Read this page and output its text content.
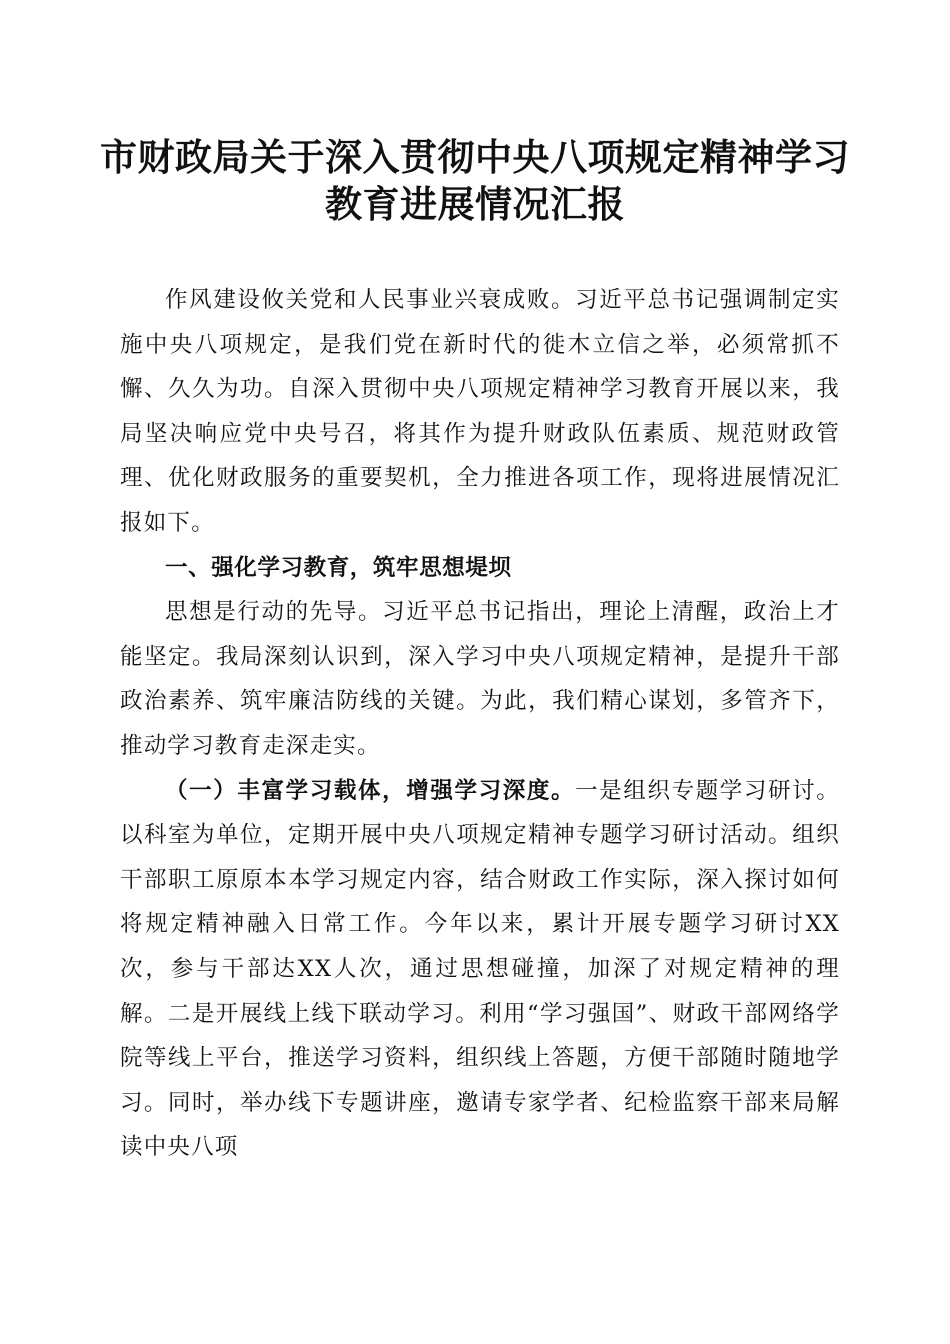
市财政局关于深入贯彻中央八项规定精神学习
教育进展情况汇报

作风建设攸关党和人民事业兴衰成败。习近平总书记强调制定实施中央八项规定，是我们党在新时代的徙木立信之举，必须常抓不懈、久久为功。自深入贯彻中央八项规定精神学习教育开展以来，我局坚决响应党中央号召，将其作为提升财政队伍素质、规范财政管理、优化财政服务的重要契机，全力推进各项工作，现将进展情况汇报如下。

一、强化学习教育，筑牢思想堤坝

思想是行动的先导。习近平总书记指出，理论上清醒，政治上才能坚定。我局深刻认识到，深入学习中央八项规定精神，是提升干部政治素养、筑牢廉洁防线的关键。为此，我们精心谋划，多管齐下，推动学习教育走深走实。

（一）丰富学习载体，增强学习深度。一是组织专题学习研讨。以科室为单位，定期开展中央八项规定精神专题学习研讨活动。组织干部职工原原本本学习规定内容，结合财政工作实际，深入探讨如何将规定精神融入日常工作。今年以来，累计开展专题学习研讨XX次，参与干部达XX人次，通过思想碰撞，加深了对规定精神的理解。二是开展线上线下联动学习。利用“学习强国”、财政干部网络学院等线上平台，推送学习资料，组织线上答题，方便干部随时随地学习。同时，举办线下专题讲座，邀请专家学者、纪检监察干部来局解读中央八项
